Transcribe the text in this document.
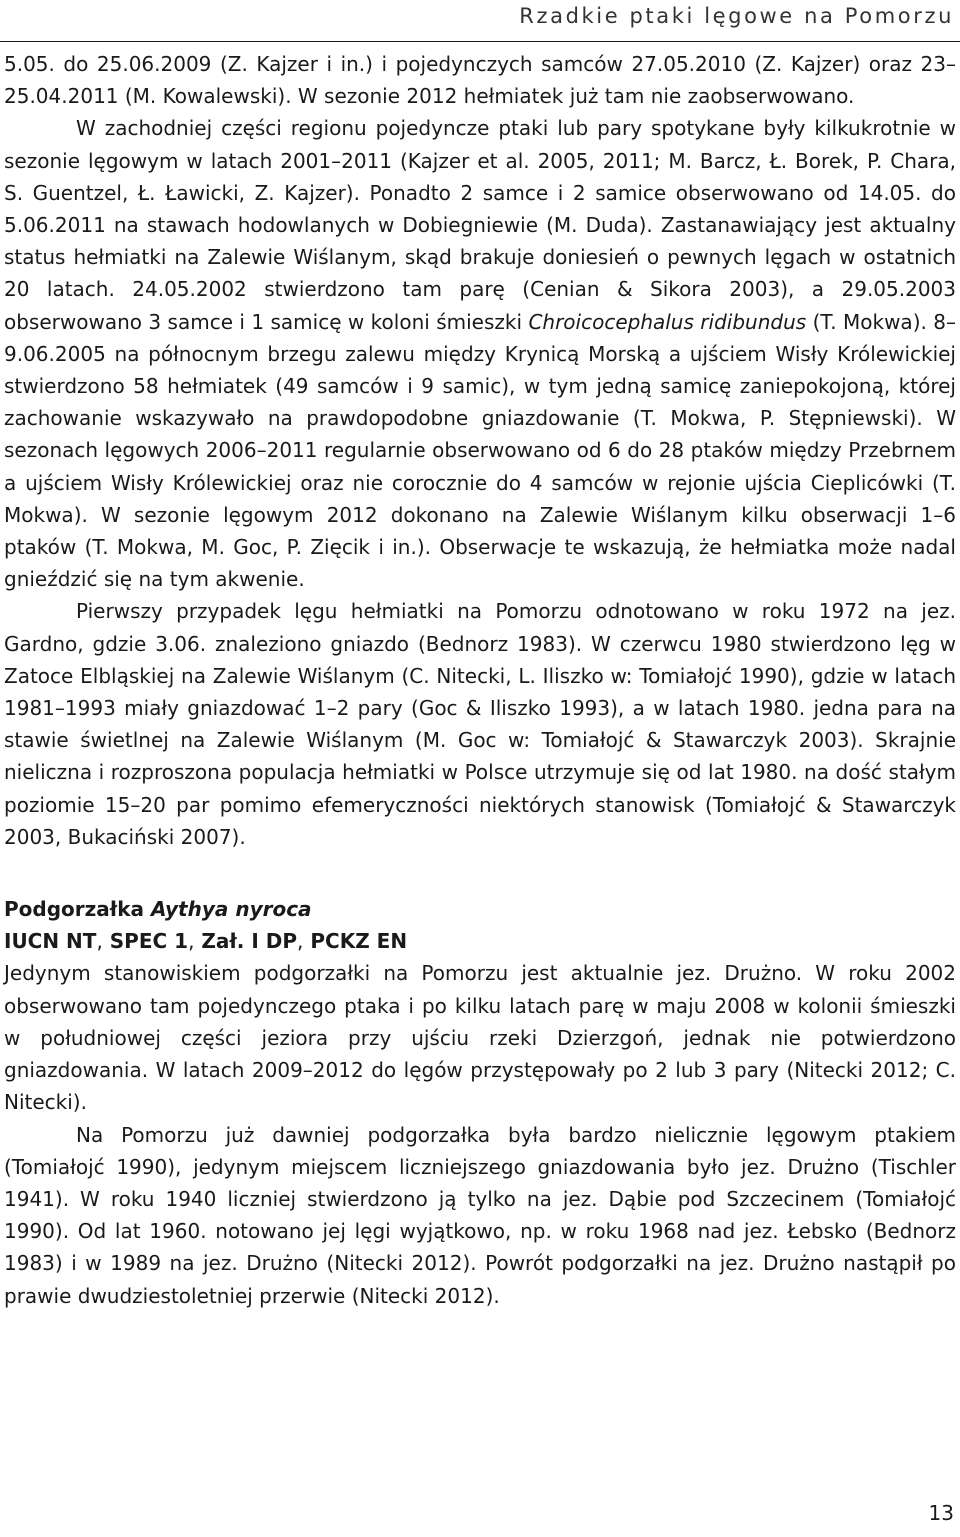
Rzadkie ptaki lęgowe na Pomorzu

5.05. do 25.06.2009 (Z. Kajzer i in.) i pojedynczych samców 27.05.2010 (Z. Kajzer) oraz 23–25.04.2011 (M. Kowalewski). W sezonie 2012 hełmiatek już tam nie zaobserwowano.

W zachodniej części regionu pojedyncze ptaki lub pary spotykane były kilkukrotnie w sezonie lęgowym w latach 2001–2011 (Kajzer et al. 2005, 2011; M. Barcz, Ł. Borek, P. Chara, S. Guentzel, Ł. Ławicki, Z. Kajzer). Ponadto 2 samce i 2 samice obserwowano od 14.05. do 5.06.2011 na stawach hodowlanych w Dobiegniewie (M. Duda). Zastanawiający jest aktualny status hełmiatki na Zalewie Wiślanym, skąd brakuje doniesień o pewnych lęgach w ostatnich 20 latach. 24.05.2002 stwierdzono tam parę (Cenian & Sikora 2003), a 29.05.2003 obserwowano 3 samce i 1 samicę w koloni śmieszki Chroicocephalus ridibundus (T. Mokwa). 8–9.06.2005 na północnym brzegu zalewu między Krynicą Morską a ujściem Wisły Królewickiej stwierdzono 58 hełmiatek (49 samców i 9 samic), w tym jedną samicę zaniepokojoną, której zachowanie wskazywało na prawdopodobne gniazdowanie (T. Mokwa, P. Stępniewski). W sezonach lęgowych 2006–2011 regularnie obserwowano od 6 do 28 ptaków między Przebrnem a ujściem Wisły Królewickiej oraz nie corocznie do 4 samców w rejonie ujścia Cieplicówki (T. Mokwa). W sezonie lęgowym 2012 dokonano na Zalewie Wiślanym kilku obserwacji 1–6 ptaków (T. Mokwa, M. Goc, P. Zięcik i in.). Obserwacje te wskazują, że hełmiatka może nadal gnieździć się na tym akwenie.

Pierwszy przypadek lęgu hełmiatki na Pomorzu odnotowano w roku 1972 na jez. Gardno, gdzie 3.06. znaleziono gniazdo (Bednorz 1983). W czerwcu 1980 stwierdzono lęg w Zatoce Elbląskiej na Zalewie Wiślanym (C. Nitecki, L. Iliszko w: Tomiałojć 1990), gdzie w latach 1981–1993 miały gniazdować 1–2 pary (Goc & Iliszko 1993), a w latach 1980. jedna para na stawie świetlnej na Zalewie Wiślanym (M. Goc w: Tomiałojć & Stawarczyk 2003). Skrajnie nieliczna i rozproszona populacja hełmiatki w Polsce utrzymuje się od lat 1980. na dość stałym poziomie 15–20 par pomimo efemeryczności niektórych stanowisk (Tomiałojć & Stawarczyk 2003, Bukaciński 2007).

Podgorzałka Aythya nyroca
IUCN NT, SPEC 1, Zał. I DP, PCKZ EN

Jedynym stanowiskiem podgorzałki na Pomorzu jest aktualnie jez. Drużno. W roku 2002 obserwowano tam pojedynczego ptaka i po kilku latach parę w maju 2008 w kolonii śmieszki w południowej części jeziora przy ujściu rzeki Dzierzgoń, jednak nie potwierdzono gniazdowania. W latach 2009–2012 do lęgów przystępowały po 2 lub 3 pary (Nitecki 2012; C. Nitecki).

Na Pomorzu już dawniej podgorzałka była bardzo nielicznie lęgowym ptakiem (Tomiałojć 1990), jedynym miejscem liczniejszego gniazdowania było jez. Drużno (Tischler 1941). W roku 1940 liczniej stwierdzono ją tylko na jez. Dąbie pod Szczecinem (Tomiałojć 1990). Od lat 1960. notowano jej lęgi wyjątkowo, np. w roku 1968 nad jez. Łebsko (Bednorz 1983) i w 1989 na jez. Drużno (Nitecki 2012). Powrót podgorzałki na jez. Drużno nastąpił po prawie dwudziestoletniej przerwie (Nitecki 2012).

13
